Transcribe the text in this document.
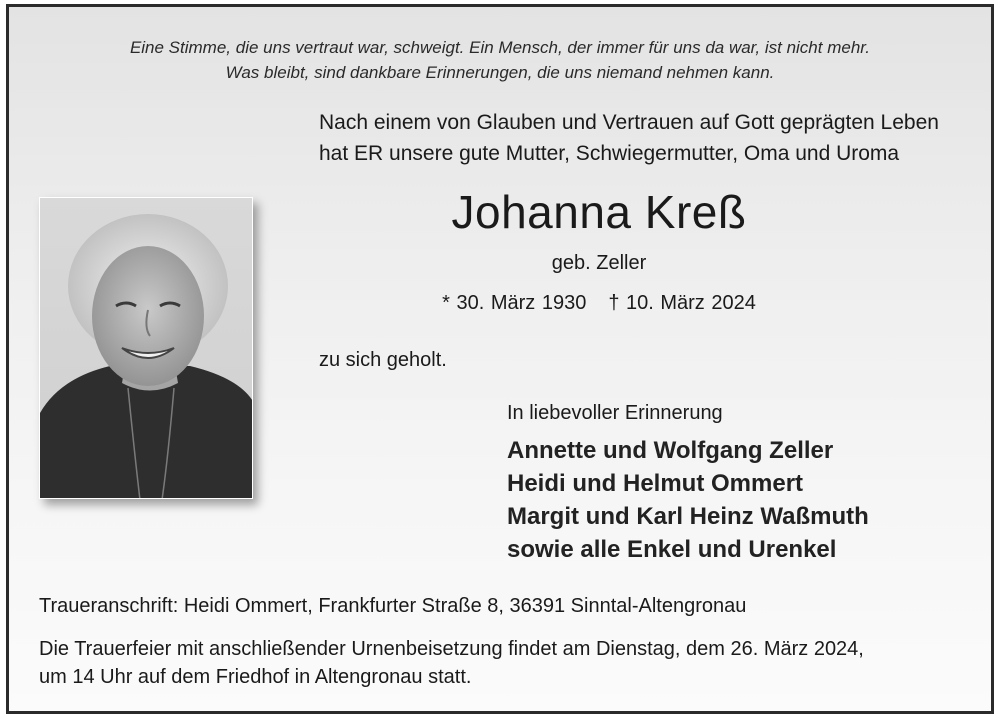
Eine Stimme, die uns vertraut war, schweigt. Ein Mensch, der immer für uns da war, ist nicht mehr.
Was bleibt, sind dankbare Erinnerungen, die uns niemand nehmen kann.
Nach einem von Glauben und Vertrauen auf Gott geprägten Leben
hat ER unsere gute Mutter, Schwiegermutter, Oma und Uroma
Johanna Kreß
geb. Zeller
* 30. März 1930 † 10. März 2024
zu sich geholt.
In liebevoller Erinnerung
Annette und Wolfgang Zeller
Heidi und Helmut Ommert
Margit und Karl Heinz Waßmuth
sowie alle Enkel und Urenkel
Traueranschrift: Heidi Ommert, Frankfurter Straße 8, 36391 Sinntal-Altengronau
Die Trauerfeier mit anschließender Urnenbeisetzung findet am Dienstag, dem 26. März 2024,
um 14 Uhr auf dem Friedhof in Altengronau statt.
